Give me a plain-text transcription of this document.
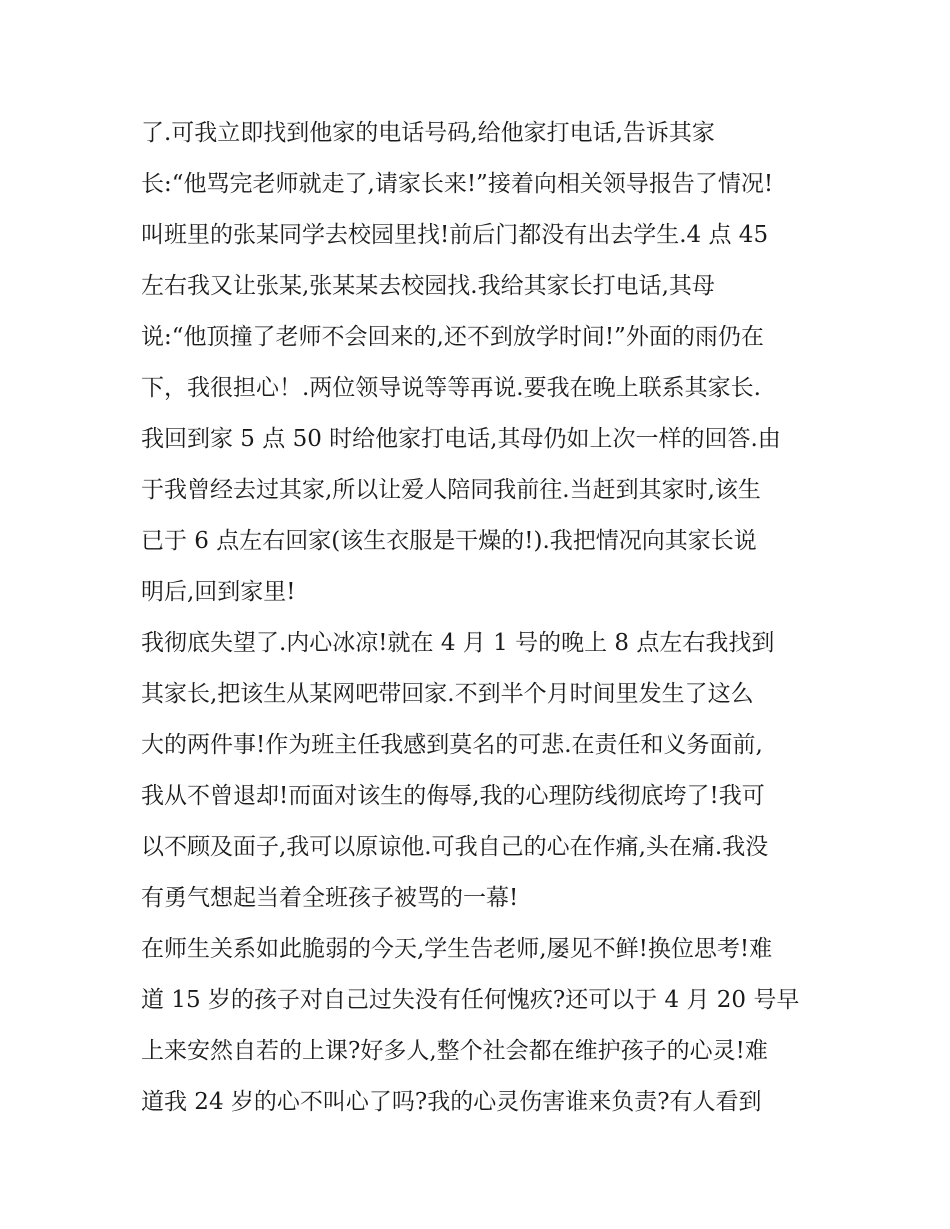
了.可我立即找到他家的电话号码,给他家打电话,告诉其家
长:“他骂完老师就走了,请家长来!”接着向相关领导报告了情况!
叫班里的张某同学去校园里找!前后门都没有出去学生.4 点 45
左右我又让张某,张某某去校园找.我给其家长打电话,其母
说:“他顶撞了老师不会回来的,还不到放学时间!”外面的雨仍在
下，我很担心！.两位领导说等等再说.要我在晚上联系其家长.
我回到家 5 点 50 时给他家打电话,其母仍如上次一样的回答.由
于我曾经去过其家,所以让爱人陪同我前往.当赶到其家时,该生
已于 6 点左右回家(该生衣服是干燥的!).我把情况向其家长说
明后,回到家里!
我彻底失望了.内心冰凉!就在 4 月 1 号的晚上 8 点左右我找到
其家长,把该生从某网吧带回家.不到半个月时间里发生了这么
大的两件事!作为班主任我感到莫名的可悲.在责任和义务面前,
我从不曾退却!而面对该生的侮辱,我的心理防线彻底垮了!我可
以不顾及面子,我可以原谅他.可我自己的心在作痛,头在痛.我没
有勇气想起当着全班孩子被骂的一幕!
在师生关系如此脆弱的今天,学生告老师,屡见不鲜!换位思考!难
道 15 岁的孩子对自己过失没有任何愧疚?还可以于 4 月 20 号早
上来安然自若的上课?好多人,整个社会都在维护孩子的心灵!难
道我 24 岁的心不叫心了吗?我的心灵伤害谁来负责?有人看到
